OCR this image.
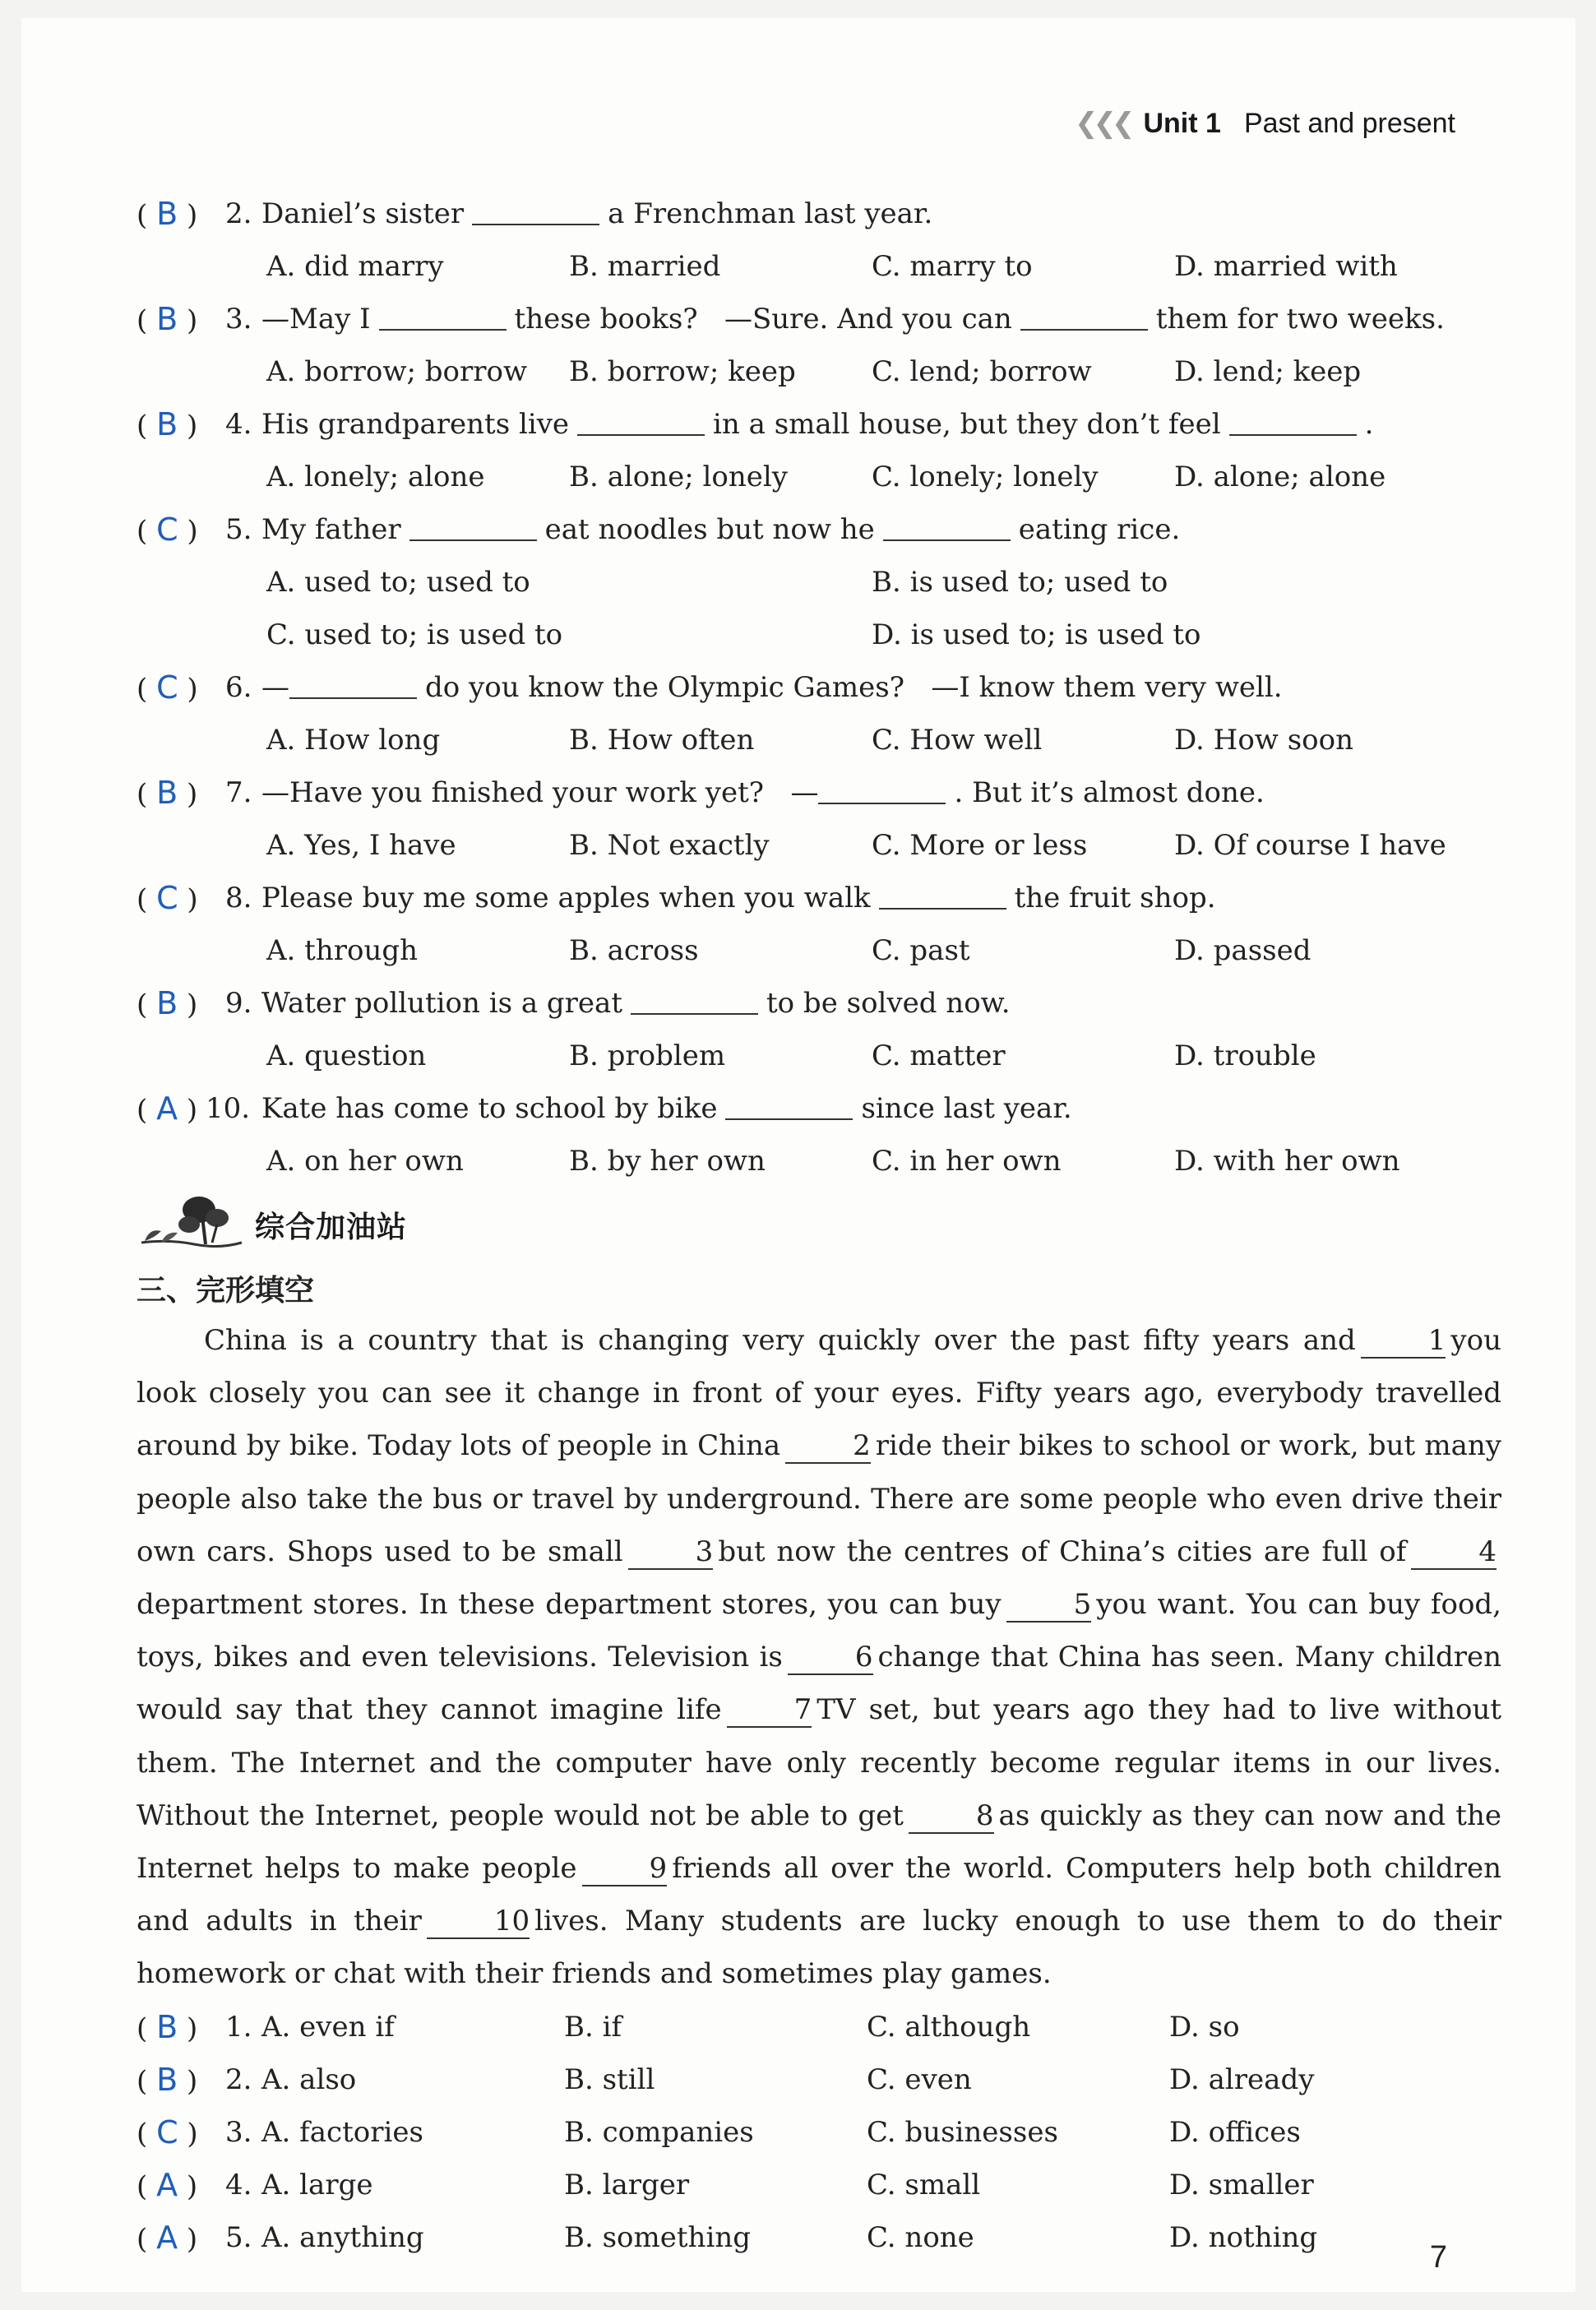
❮❮❮ Unit 1 Past and present
( B ) 2. Daniel’s sister	a Frenchman last year.
A. did marry	B. married	C. marry to	D. married with
( B ) 3. —May I	these books?   —Sure. And you can	them for two weeks.
A. borrow; borrow	B. borrow; keep	C. lend; borrow	D. lend; keep
( B ) 4. His grandparents live	in a small house, but they don’t feel	.
A. lonely; alone	B. alone; lonely	C. lonely; lonely	D. alone; alone
( C ) 5. My father	eat noodles but now he	eating rice.
A. used to; used to	B. is used to; used to
C. used to; is used to	D. is used to; is used to
( C ) 6. —	do you know the Olympic Games?   —I know them very well.
A. How long	B. How often	C. How well	D. How soon
( B ) 7. —Have you finished your work yet?   —	. But it’s almost done.
A. Yes, I have	B. Not exactly	C. More or less	D. Of course I have
( C ) 8. Please buy me some apples when you walk	the fruit shop.
A. through	B. across	C. past	D. passed
( B ) 9. Water pollution is a great	to be solved now.
A. question	B. problem	C. matter	D. trouble
( A ) 10. Kate has come to school by bike	since last year.
A. on her own	B. by her own	C. in her own	D. with her own
综合加油站
三、完形填空

China is a country that is changing very quickly over the past fifty years and	1 you look closely you can see it change in front of your eyes. Fifty years ago, everybody travelled around by bike. Today lots of people in China	2 ride their bikes to school or work, but many people also take the bus or travel by underground. There are some people who even drive their own cars. Shops used to be small	3 but now the centres of China’s cities are full of	4department stores. In these department stores, you can buy	5 you want. You can buy food, toys, bikes and even televisions. Television is	6 change that China has seen. Many children would say that they cannot imagine life	7 TV set, but years ago they had to live without them. The Internet and the computer have only recently become regular items in our lives. Without the Internet, people would not be able to get	8 as quickly as they can now and the Internet helps to make people	9 friends all over the world. Computers help both children and adults in their	10 lives. Many students are lucky enough to use them to do their homework or chat with their friends and sometimes play games.

( B ) 1. A. even if	B. if	C. although	D. so
( B ) 2. A. also	B. still	C. even	D. already
( C ) 3. A. factories	B. companies	C. businesses	D. offices
( A ) 4. A. large	B. larger	C. small	D. smaller
( A ) 5. A. anything	B. something	C. none	D. nothing
7
